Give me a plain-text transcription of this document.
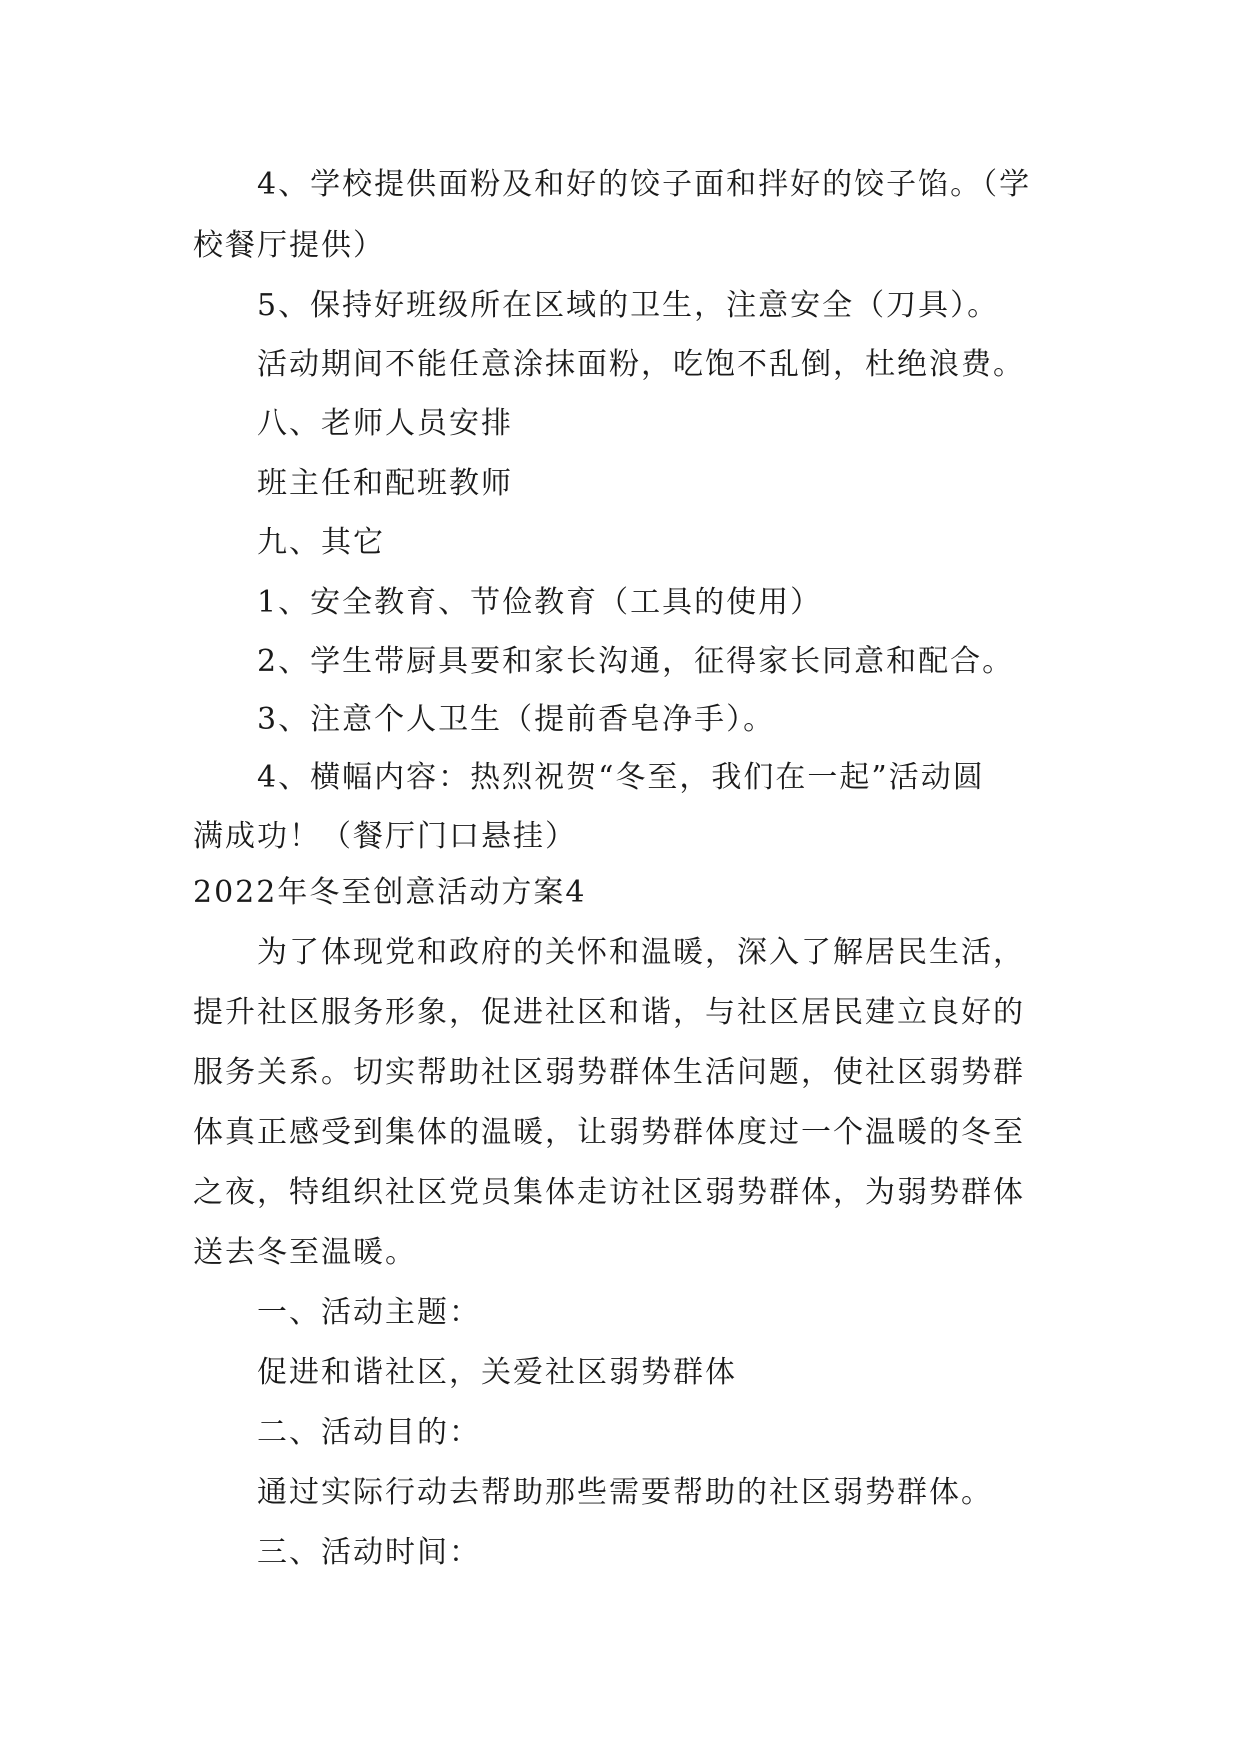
4、学校提供面粉及和好的饺子面和拌好的饺子馅。（学
校餐厅提供）
5、保持好班级所在区域的卫生，注意安全（刀具）。
活动期间不能任意涂抹面粉，吃饱不乱倒，杜绝浪费。
八、老师人员安排
班主任和配班教师
九、其它
1、安全教育、节俭教育（工具的使用）
2、学生带厨具要和家长沟通，征得家长同意和配合。
3、注意个人卫生（提前香皂净手）。
4、横幅内容：热烈祝贺“冬至，我们在一起”活动圆
满成功！（餐厅门口悬挂）
2022年冬至创意活动方案4
为了体现党和政府的关怀和温暖，深入了解居民生活，
提升社区服务形象，促进社区和谐，与社区居民建立良好的
服务关系。切实帮助社区弱势群体生活问题，使社区弱势群
体真正感受到集体的温暖，让弱势群体度过一个温暖的冬至
之夜，特组织社区党员集体走访社区弱势群体，为弱势群体
送去冬至温暖。
一、活动主题：
促进和谐社区，关爱社区弱势群体
二、活动目的：
通过实际行动去帮助那些需要帮助的社区弱势群体。
三、活动时间：
